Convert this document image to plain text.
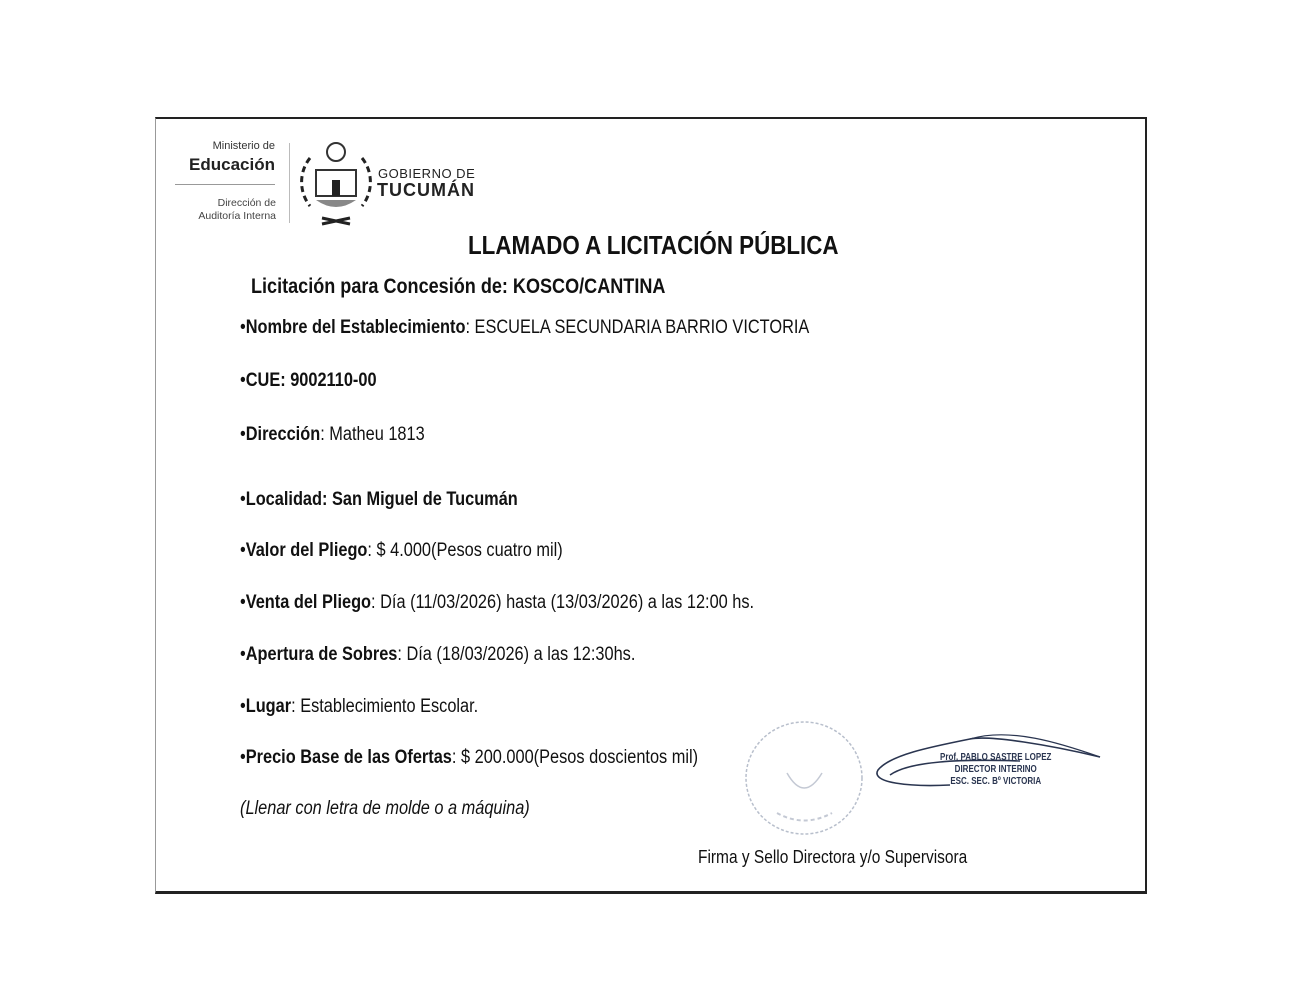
Ministerio de
Educación
Dirección de
Auditoría Interna
GOBIERNO DE
TUCUMÁN
LLAMADO A LICITACIÓN PÚBLICA
Licitación para Concesión de: KOSCO/CANTINA
•Nombre del Establecimiento: ESCUELA SECUNDARIA BARRIO VICTORIA
•CUE: 9002110-00
•Dirección: Matheu 1813
•Localidad: San Miguel de Tucumán
•Valor del Pliego: $ 4.000(Pesos cuatro mil)
•Venta del Pliego: Día (11/03/2026) hasta (13/03/2026) a las 12:00 hs.
•Apertura de Sobres: Día (18/03/2026) a las 12:30hs.
•Lugar: Establecimiento Escolar.
•Precio Base de las Ofertas: $ 200.000(Pesos doscientos mil)
(Llenar con letra de molde o a máquina)
Prof. PABLO SASTRE LOPEZ
DIRECTOR INTERINO
ESC. SEC. Bº VICTORIA
Firma y Sello Directora y/o Supervisora
